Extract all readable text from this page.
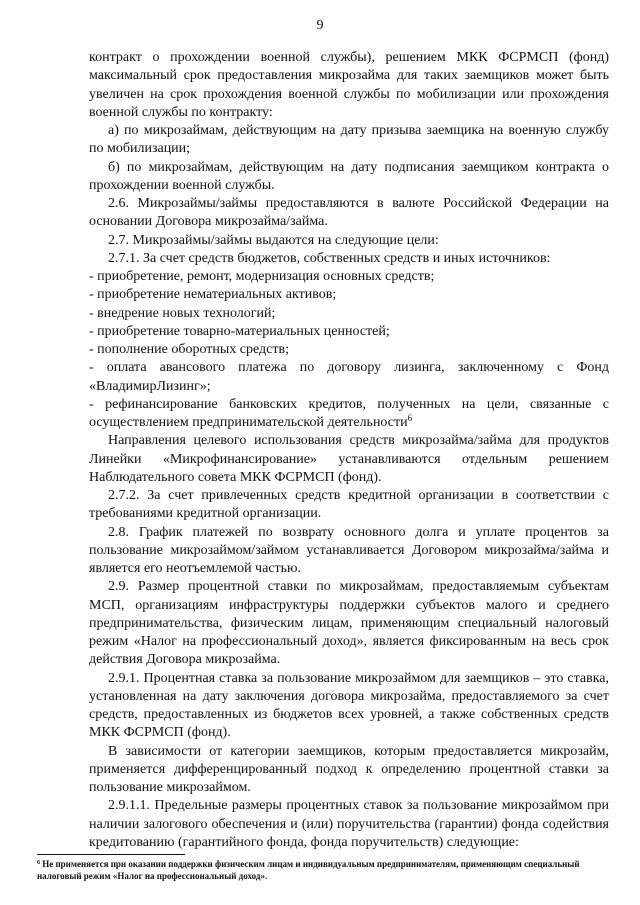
9

контракт о прохождении военной службы), решением МКК ФСРМСП (фонд) максимальный срок предоставления микрозайма для таких заемщиков может быть увеличен на срок прохождения военной службы по мобилизации или прохождения военной службы по контракту:

а) по микрозаймам, действующим на дату призыва заемщика на военную службу по мобилизации;

б) по микрозаймам, действующим на дату подписания заемщиком контракта о прохождении военной службы.

2.6. Микрозаймы/займы предоставляются в валюте Российской Федерации на основании Договора микрозайма/займа.

2.7. Микрозаймы/займы выдаются на следующие цели:

2.7.1. За счет средств бюджетов, собственных средств и иных источников:

- приобретение, ремонт, модернизация основных средств;

- приобретение нематериальных активов;

- внедрение новых технологий;

- приобретение товарно-материальных ценностей;

- пополнение оборотных средств;

- оплата авансового платежа по договору лизинга, заключенному с Фонд «ВладимирЛизинг»;

- рефинансирование банковских кредитов, полученных на цели, связанные с осуществлением предпринимательской деятельности$^6$

Направления целевого использования средств микрозайма/займа для продуктов Линейки «Микрофинансирование» устанавливаются отдельным решением Наблюдательного совета МКК ФСРМСП (фонд).

2.7.2. За счет привлеченных средств кредитной организации в соответствии с требованиями кредитной организации.

2.8. График платежей по возврату основного долга и уплате процентов за пользование микрозаймом/займом устанавливается Договором микрозайма/займа и является его неотъемлемой частью.

2.9. Размер процентной ставки по микрозаймам, предоставляемым субъектам МСП, организациям инфраструктуры поддержки субъектов малого и среднего предпринимательства, физическим лицам, применяющим специальный налоговый режим «Налог на профессиональный доход», является фиксированным на весь срок действия Договора микрозайма.

2.9.1. Процентная ставка за пользование микрозаймом для заемщиков – это ставка, установленная на дату заключения договора микрозайма, предоставляемого за счет средств, предоставленных из бюджетов всех уровней, а также собственных средств МКК ФСРМСП (фонд).

В зависимости от категории заемщиков, которым предоставляется микрозайм, применяется дифференцированный подход к определению процентной ставки за пользование микрозаймом.

2.9.1.1. Предельные размеры процентных ставок за пользование микрозаймом при наличии залогового обеспечения и (или) поручительства (гарантии) фонда содействия кредитованию (гарантийного фонда, фонда поручительств) следующие:

$^6$ Не применяется при оказании поддержки физическим лицам и индивидуальным предпринимателям, применяющим специальный налоговый режим «Налог на профессиональный доход».
